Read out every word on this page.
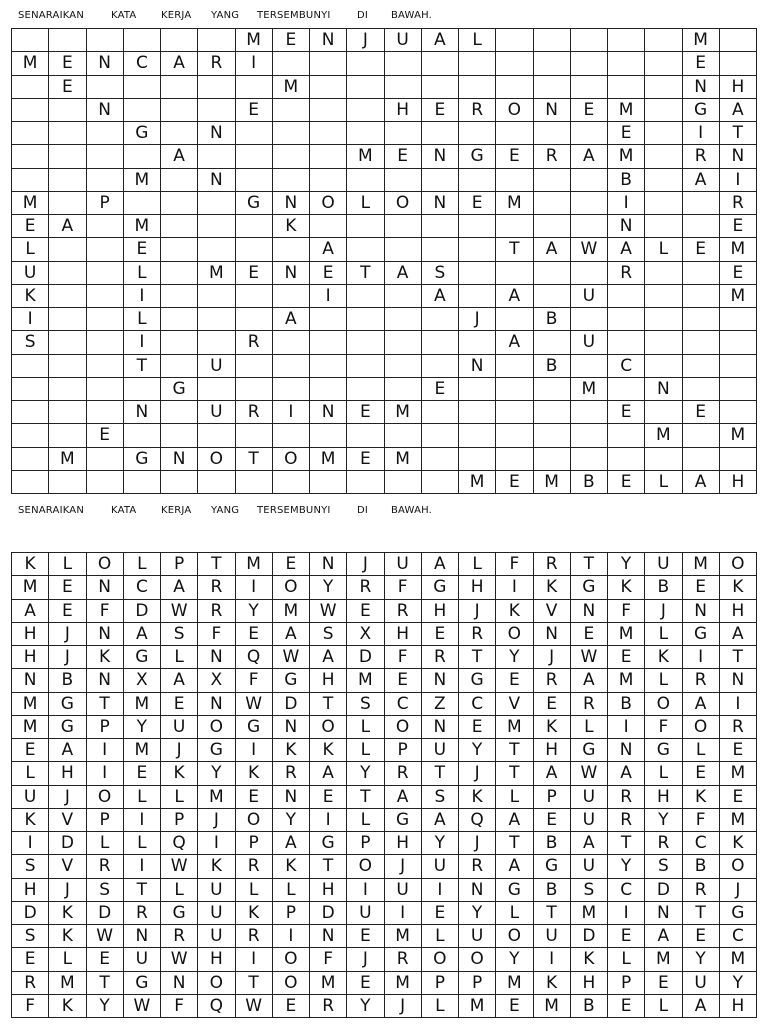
SENARAIKAN	KATA	KERJA	YANG	TERSEMBUNYI	DI	BAWAH.
						M	E	N	J	U	A	L						M	
M	E	N	C	A	R	I												E	
	E						M											N	H
		N				E				H	E	R	O	N	E	M		G	A
			G		N											E		I	T
				A					M	E	N	G	E	R	A	M		R	N
			M		N											B		A	I
M		P				G	N	O	L	O	N	E	M			I			R
E	A		M				K									N			E
L			E					A					T	A	W	A	L	E	M
U			L		M	E	N	E	T	A	S					R			E
K			I					I			A		A		U				M
I			L				A					J		B					
S			I			R							A		U				
			T		U							N		B		C			
				G							E				M		N		
			N		U	R	I	N	E	M						E		E	
		E															M		M
	M		G	N	O	T	O	M	E	M									
												M	E	M	B	E	L	A	H
SENARAIKAN	KATA	KERJA	YANG	TERSEMBUNYI	DI	BAWAH.
K	L	O	L	P	T	M	E	N	J	U	A	L	F	R	T	Y	U	M	O
M	E	N	C	A	R	I	O	Y	R	F	G	H	I	K	G	K	B	E	K
A	E	F	D	W	R	Y	M	W	E	R	H	J	K	V	N	F	J	N	H
H	J	N	A	S	F	E	A	S	X	H	E	R	O	N	E	M	L	G	A
H	J	K	G	L	N	Q	W	A	D	F	R	T	Y	J	W	E	K	I	T
N	B	N	X	A	X	F	G	H	M	E	N	G	E	R	A	M	L	R	N
M	G	T	M	E	N	W	D	T	S	C	Z	C	V	E	R	B	O	A	I
M	G	P	Y	U	O	G	N	O	L	O	N	E	M	K	L	I	F	O	R
E	A	I	M	J	G	I	K	K	L	P	U	Y	T	H	G	N	G	L	E
L	H	I	E	K	Y	K	R	A	Y	R	T	J	T	A	W	A	L	E	M
U	J	O	L	L	M	E	N	E	T	A	S	K	L	P	U	R	H	K	E
K	V	P	I	P	J	O	Y	I	L	G	A	Q	A	E	U	R	Y	F	M
I	D	L	L	Q	I	P	A	G	P	H	Y	J	T	B	A	T	R	C	K
S	V	R	I	W	K	R	K	T	O	J	U	R	A	G	U	Y	S	B	O
H	J	S	T	L	U	L	L	H	I	U	I	N	G	B	S	C	D	R	J
D	K	D	R	G	U	K	P	D	U	I	E	Y	L	T	M	I	N	T	G
S	K	W	N	R	U	R	I	N	E	M	L	U	O	U	D	E	A	E	C
E	L	E	U	W	H	I	O	F	J	R	O	O	Y	I	K	L	M	Y	M
R	M	T	G	N	O	T	O	M	E	M	P	P	M	K	H	P	E	U	Y
F	K	Y	W	F	Q	W	E	R	Y	J	L	M	E	M	B	E	L	A	H
